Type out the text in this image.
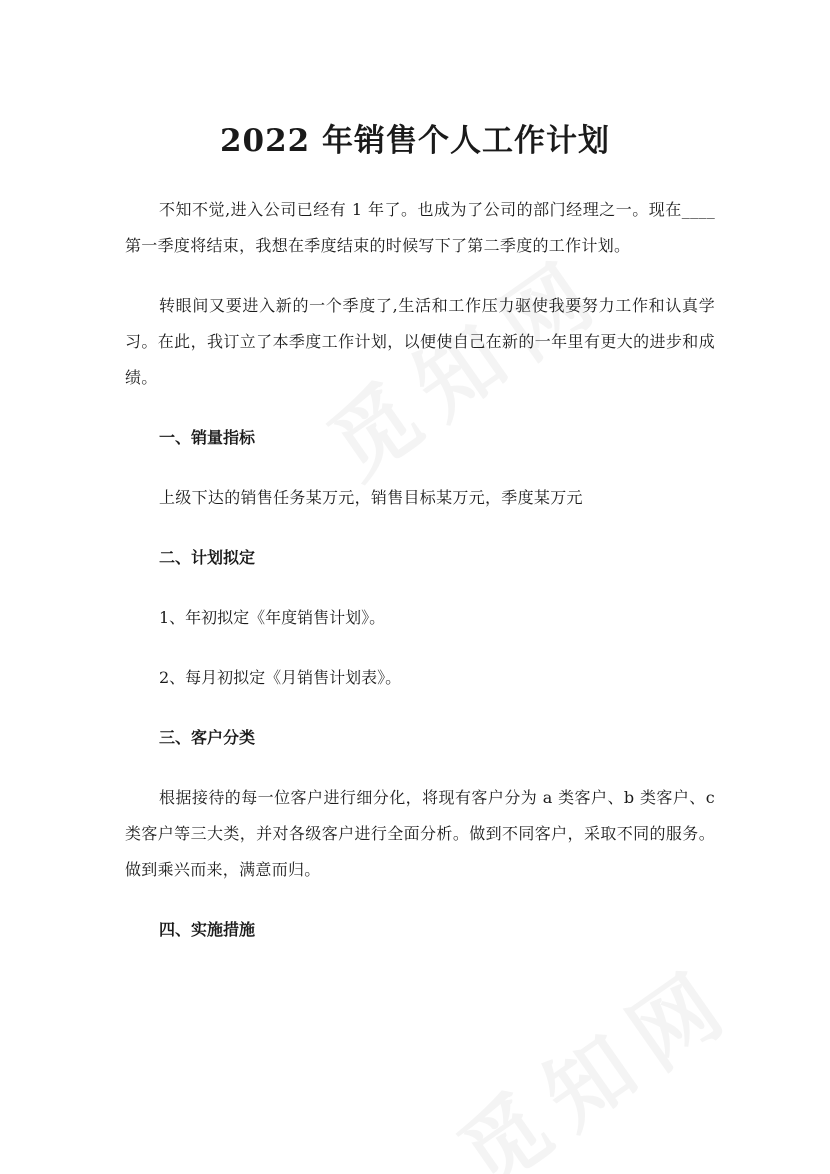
2022 年销售个人工作计划

不知不觉,进入公司已经有 1 年了。也成为了公司的部门经理之一。现在____第一季度将结束，我想在季度结束的时候写下了第二季度的工作计划。

转眼间又要进入新的一个季度了,生活和工作压力驱使我要努力工作和认真学习。在此，我订立了本季度工作计划，以便使自己在新的一年里有更大的进步和成绩。

一、销量指标

上级下达的销售任务某万元，销售目标某万元，季度某万元

二、计划拟定

1、年初拟定《年度销售计划》。

2、每月初拟定《月销售计划表》。

三、客户分类

根据接待的每一位客户进行细分化，将现有客户分为 a 类客户、b 类客户、c 类客户等三大类，并对各级客户进行全面分析。做到不同客户，采取不同的服务。做到乘兴而来，满意而归。

四、实施措施
